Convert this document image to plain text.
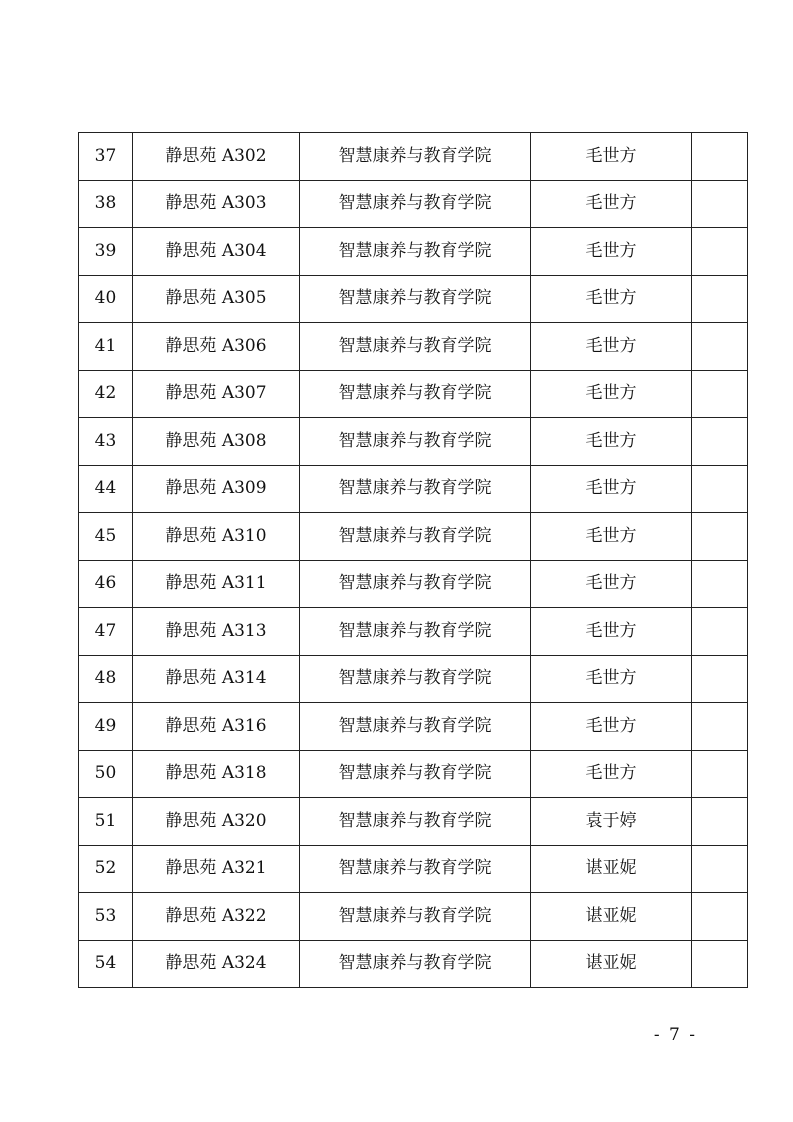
37	静思苑 A302	智慧康养与教育学院	毛世方	
38	静思苑 A303	智慧康养与教育学院	毛世方	
39	静思苑 A304	智慧康养与教育学院	毛世方	
40	静思苑 A305	智慧康养与教育学院	毛世方	
41	静思苑 A306	智慧康养与教育学院	毛世方	
42	静思苑 A307	智慧康养与教育学院	毛世方	
43	静思苑 A308	智慧康养与教育学院	毛世方	
44	静思苑 A309	智慧康养与教育学院	毛世方	
45	静思苑 A310	智慧康养与教育学院	毛世方	
46	静思苑 A311	智慧康养与教育学院	毛世方	
47	静思苑 A313	智慧康养与教育学院	毛世方	
48	静思苑 A314	智慧康养与教育学院	毛世方	
49	静思苑 A316	智慧康养与教育学院	毛世方	
50	静思苑 A318	智慧康养与教育学院	毛世方	
51	静思苑 A320	智慧康养与教育学院	袁于婷	
52	静思苑 A321	智慧康养与教育学院	谌亚妮	
53	静思苑 A322	智慧康养与教育学院	谌亚妮	
54	静思苑 A324	智慧康养与教育学院	谌亚妮	
- 7 -
